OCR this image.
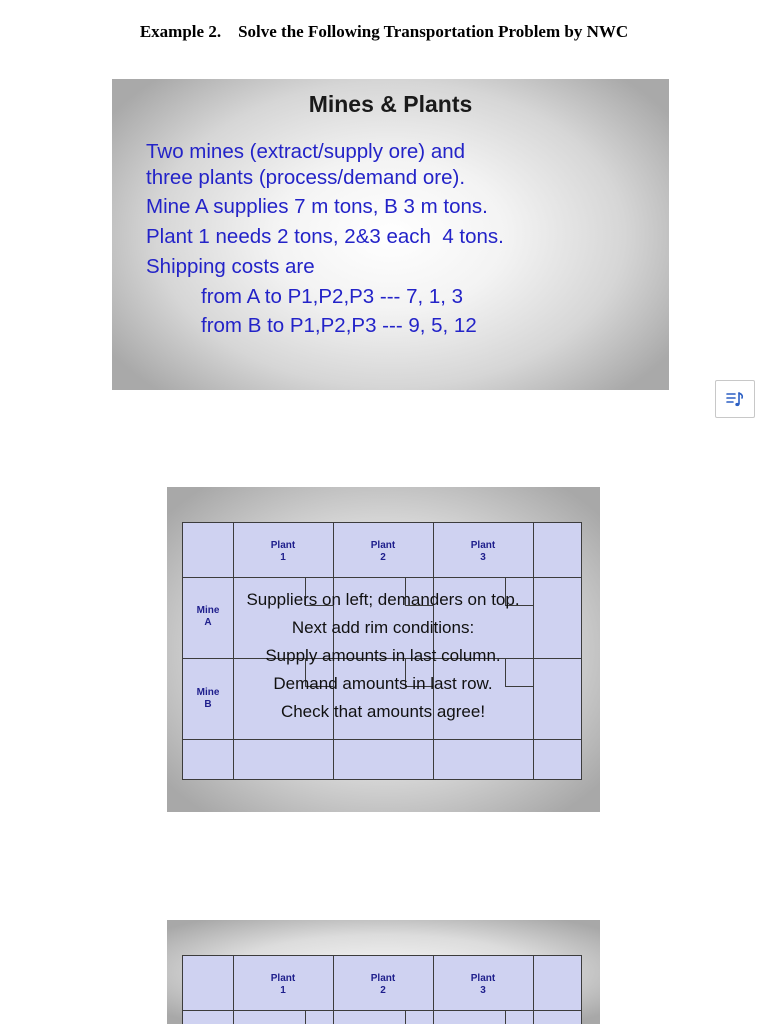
Example 2.    Solve the Following Transportation Problem by NWC
Mines & Plants
Two mines (extract/supply ore) and
three plants (process/demand ore).
Mine A supplies 7 m tons, B 3 m tons.
Plant 1 needs 2 tons, 2&3 each  4 tons.
Shipping costs are
from A to P1,P2,P3 --- 7, 1, 3
from B to P1,P2,P3 --- 9, 5, 12
Plant
1
Plant
2
Plant
3
Mine
A
Mine
B
Suppliers on left; demanders on top.
Next add rim conditions:
Supply amounts in last column.
Demand amounts in last row.
Check that amounts agree!
Plant
1
Plant
2
Plant
3
